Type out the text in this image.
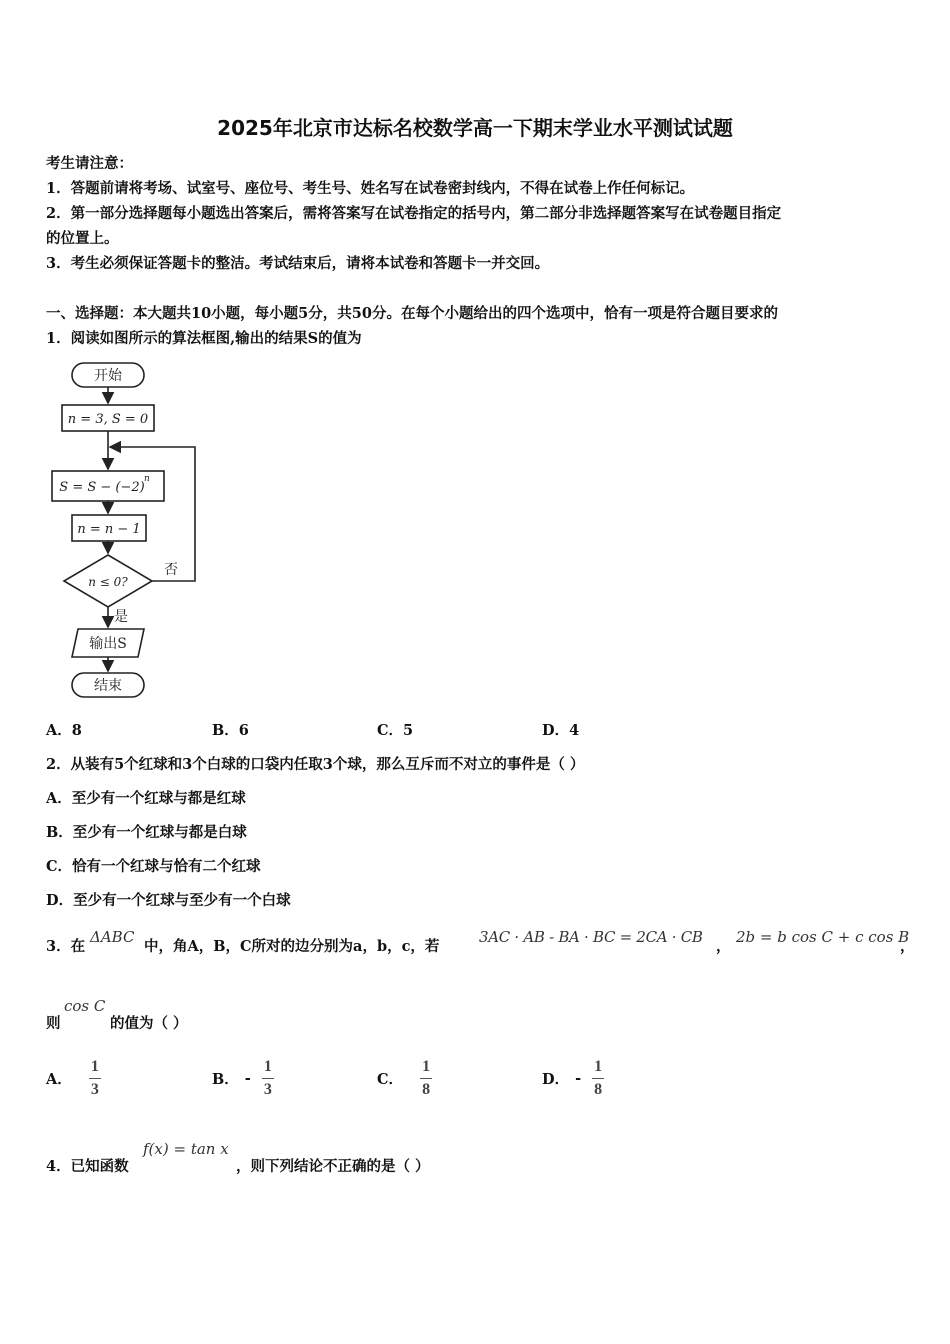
2025年北京市达标名校数学高一下期末学业水平测试试题
考生请注意：
1．答题前请将考场、试室号、座位号、考生号、姓名写在试卷密封线内，不得在试卷上作任何标记。
2．第一部分选择题每小题选出答案后，需将答案写在试卷指定的括号内，第二部分非选择题答案写在试卷题目指定
的位置上。
3．考生必须保证答题卡的整洁。考试结束后，请将本试卷和答题卡一并交回。
一、选择题：本大题共10小题，每小题5分，共50分。在每个小题给出的四个选项中，恰有一项是符合题目要求的
1．阅读如图所示的算法框图,输出的结果S的值为
开始
n = 3, S = 0
S = S − (−2)
n
n = n − 1
n ≤ 0?
否
是
输出S
结束
A．8	B．6	C．5	D．4
2．从装有5个红球和3个白球的口袋内任取3个球，那么互斥而不对立的事件是（ ）
A．至少有一个红球与都是红球
B．至少有一个红球与都是白球
C．恰有一个红球与恰有二个红球
D．至少有一个红球与至少有一个白球
3．在
ΔABC
中，角A，B，C所对的边分别为a，b，c，若
3AC · AB - BA · BC = 2CA · CB
，
2b = b cos C + c cos B
，
则
cos C
的值为（ ）
A． $\frac{1}{3}$	B． - $\frac{1}{3}$	C． $\frac{1}{8}$	D． - $\frac{1}{8}$
4．已知函数
f(x) = tan x
，则下列结论不正确的是（ ）
